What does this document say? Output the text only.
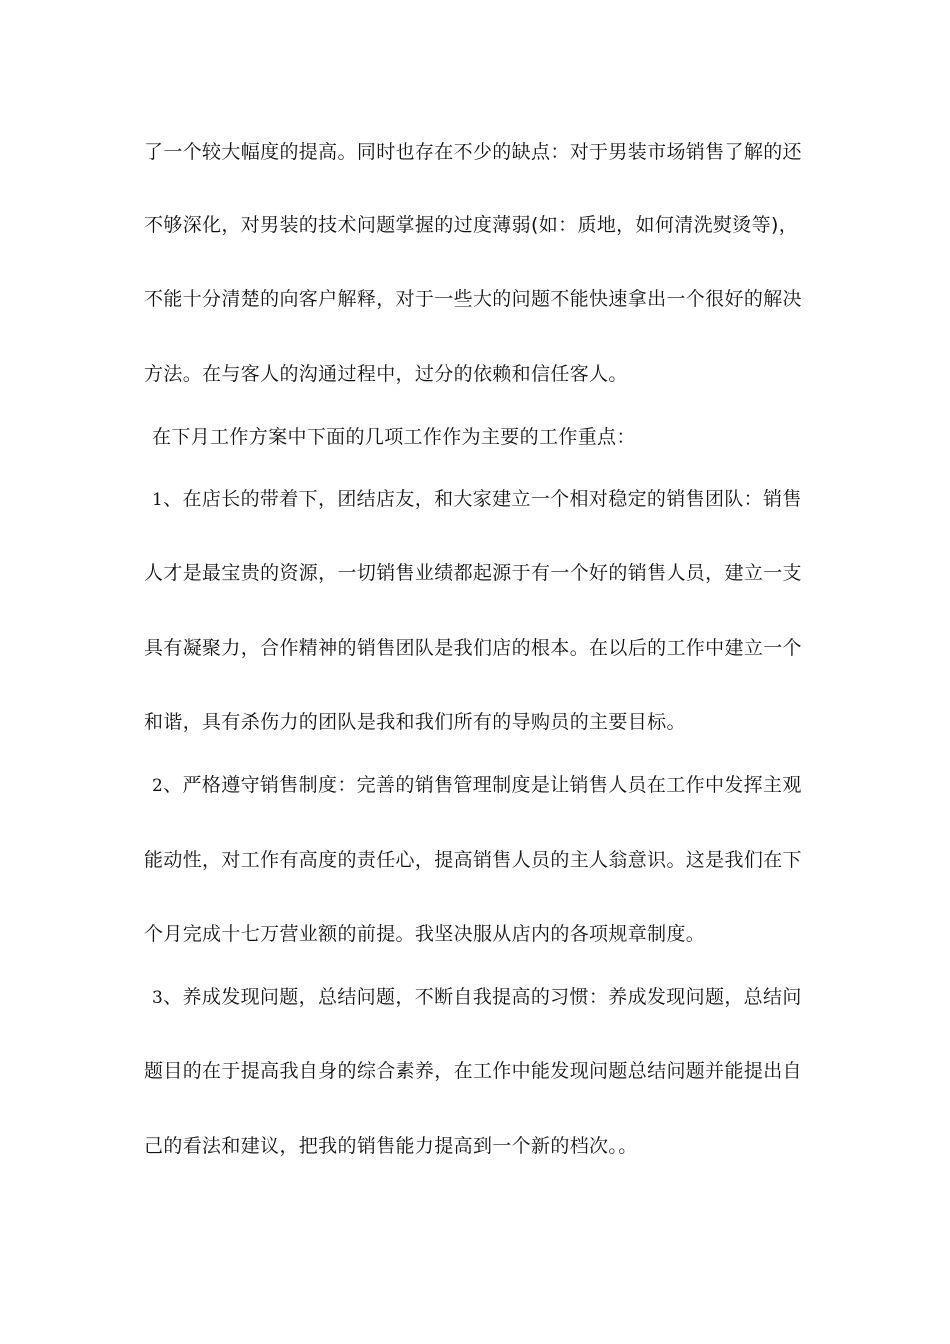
了一个较大幅度的提高。同时也存在不少的缺点：对于男装市场销售了解的还
不够深化，对男装的技术问题掌握的过度薄弱(如：质地，如何清洗熨烫等)，
不能十分清楚的向客户解释，对于一些大的问题不能快速拿出一个很好的解决
方法。在与客人的沟通过程中，过分的依赖和信任客人。
在下月工作方案中下面的几项工作作为主要的工作重点：
1、在店长的带着下，团结店友，和大家建立一个相对稳定的销售团队：销售
人才是最宝贵的资源，一切销售业绩都起源于有一个好的销售人员，建立一支
具有凝聚力，合作精神的销售团队是我们店的根本。在以后的工作中建立一个
和谐，具有杀伤力的团队是我和我们所有的导购员的主要目标。
2、严格遵守销售制度：完善的销售管理制度是让销售人员在工作中发挥主观
能动性，对工作有高度的责任心，提高销售人员的主人翁意识。这是我们在下
个月完成十七万营业额的前提。我坚决服从店内的各项规章制度。
3、养成发现问题，总结问题，不断自我提高的习惯：养成发现问题，总结问
题目的在于提高我自身的综合素养，在工作中能发现问题总结问题并能提出自
己的看法和建议，把我的销售能力提高到一个新的档次。。
